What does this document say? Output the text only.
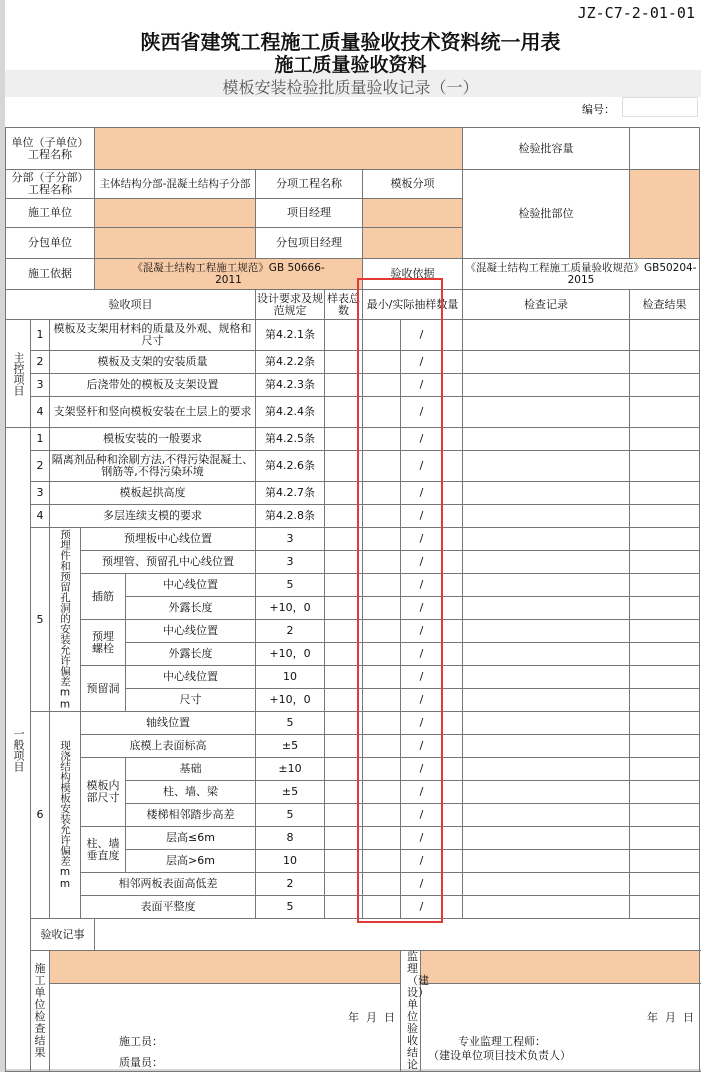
JZ-C7-2-01-01
陕西省建筑工程施工质量验收技术资料统一用表
施工质量验收资料
模板安装检验批质量验收记录（一）
编号：
单位（子单位）工程名称												检验批容量	
分部（子分部）工程名称				主体结构分部-混凝土结构子分部		分项工程名称		模板分项				检验批部位	
施工单位						项目经理							
分包单位						分包项目经理							
施工依据				《混凝土结构工程施工规范》GB 50666-2011				验收依据				《混凝土结构工程施工质量验收规范》GB50204-2015	
验收项目						设计要求及规范规定	样表总数	最小/实际抽样数量				检查记录	检查结果
主控项目	1	模板及支架用材料的质量及外观、规格和尺寸				第4.2.1条			/				
	2	模板及支架的安装质量				第4.2.2条			/				
	3	后浇带处的模板及支架设置				第4.2.3条			/				
	4	支架竖杆和竖向模板安装在土层上的要求				第4.2.4条			/				
一般项目	1	模板安装的一般要求				第4.2.5条			/				
	2	隔离剂品种和涂刷方法,不得污染混凝土、钢筋等,不得污染环境				第4.2.6条			/				
	3	模板起拱高度				第4.2.7条			/				
	4	多层连续支模的要求				第4.2.8条			/				
	5	预埋件和预留孔洞的安装允许偏差mm	预埋板中心线位置			3			/				
			预埋管、预留孔中心线位置			3			/				
			插筋		中心线位置	5			/				
					外露长度	+10，0			/				
			预埋螺栓		中心线位置	2			/				
					外露长度	+10，0			/				
			预留洞		中心线位置	10			/				
					尺寸	+10，0			/				
	6	现浇结构模板安装允许偏差mm	轴线位置			5			/				
			底模上表面标高			±5			/				
			模板内部尺寸		基础	±10			/				
					柱、墙、梁	±5			/				
					楼梯相邻踏步高差	5			/				
			柱、墙垂直度		层高≤6m	8			/				
					层高>6m	10			/				
			相邻两板表面高低差			2			/				
			表面平整度			5			/				
	验收记事												
	施工单位检查结果								监理（建设）单位验收结论				

		施工员：
质量员：
年  月  日								专业监理工程师：
（建设单位项目技术负责人）
年  月  日			
